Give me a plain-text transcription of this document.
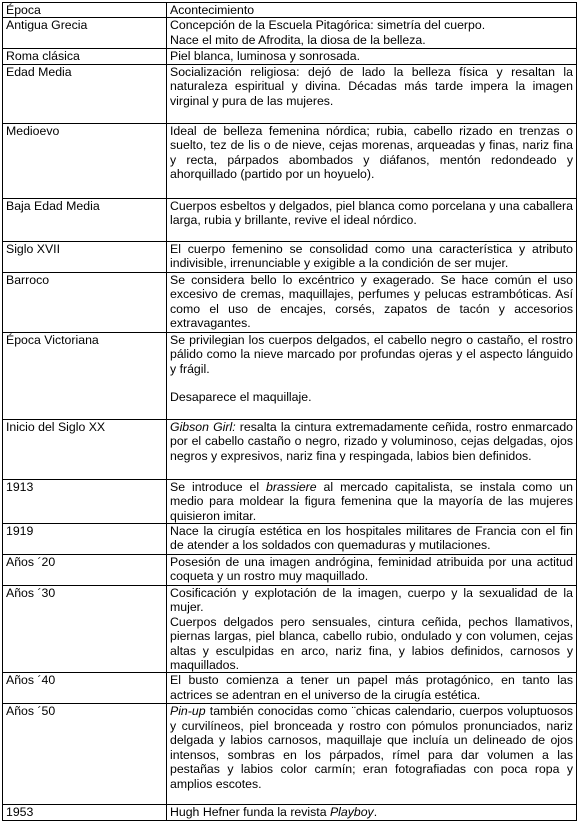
Época	Acontecimiento
Antigua Grecia	Concepción de la Escuela Pitagórica: simetría del cuerpo.

Nace el mito de Afrodita, la diosa de la belleza.

Roma clásica	Piel blanca, luminosa y sonrosada.

Edad Media	Socialización religiosa: dejó de lado la belleza física y resaltan la naturaleza espiritual y divina. Décadas más tarde impera la imagen virginal y pura de las mujeres.

Medioevo	Ideal de belleza femenina nórdica; rubia, cabello rizado en trenzas o suelto, tez de lis o de nieve, cejas morenas, arqueadas y finas, nariz fina y recta, párpados abombados y diáfanos, mentón redondeado y ahorquillado (partido por un hoyuelo).

Baja Edad Media	Cuerpos esbeltos y delgados, piel blanca como porcelana y una caballera larga, rubia y brillante, revive el ideal nórdico.

Siglo XVII	El cuerpo femenino se consolidad como una característica y atributo indivisible, irrenunciable y exigible a la condición de ser mujer.

Barroco	Se considera bello lo excéntrico y exagerado. Se hace común el uso excesivo de cremas, maquillajes, perfumes y pelucas estrambóticas. Así como el uso de encajes, corsés, zapatos de tacón y accesorios extravagantes.

Época Victoriana	Se privilegian los cuerpos delgados, el cabello negro o castaño, el rostro pálido como la nieve marcado por profundas ojeras y el aspecto lánguido y frágil.

Desaparece el maquillaje.

Inicio del Siglo XX	Gibson Girl: resalta la cintura extremadamente ceñida, rostro enmarcado por el cabello castaño o negro, rizado y voluminoso, cejas delgadas, ojos negros y expresivos, nariz fina y respingada, labios bien definidos.

1913	Se introduce el brassiere al mercado capitalista, se instala como un medio para moldear la figura femenina que la mayoría de las mujeres quisieron imitar.

1919	Nace la cirugía estética en los hospitales militares de Francia con el fin de atender a los soldados con quemaduras y mutilaciones.

Años ´20	Posesión de una imagen andrógina, feminidad atribuida por una actitud coqueta y un rostro muy maquillado.

Años ´30	Cosificación y explotación de la imagen, cuerpo y la sexualidad de la mujer.

Cuerpos delgados pero sensuales, cintura ceñida, pechos llamativos, piernas largas, piel blanca, cabello rubio, ondulado y con volumen, cejas altas y esculpidas en arco, nariz fina, y labios definidos, carnosos y maquillados.

Años ´40	El busto comienza a tener un papel más protagónico, en tanto las actrices se adentran en el universo de la cirugía estética.

Años ´50	Pin-up también conocidas como ¨chicas calendario, cuerpos voluptuosos y curvilíneos, piel bronceada y rostro con pómulos pronunciados, nariz delgada y labios carnosos, maquillaje que incluía un delineado de ojos intensos, sombras en los párpados, rímel para dar volumen a las pestañas y labios color carmín; eran fotografiadas con poca ropa y amplios escotes.

1953	Hugh Hefner funda la revista Playboy.
